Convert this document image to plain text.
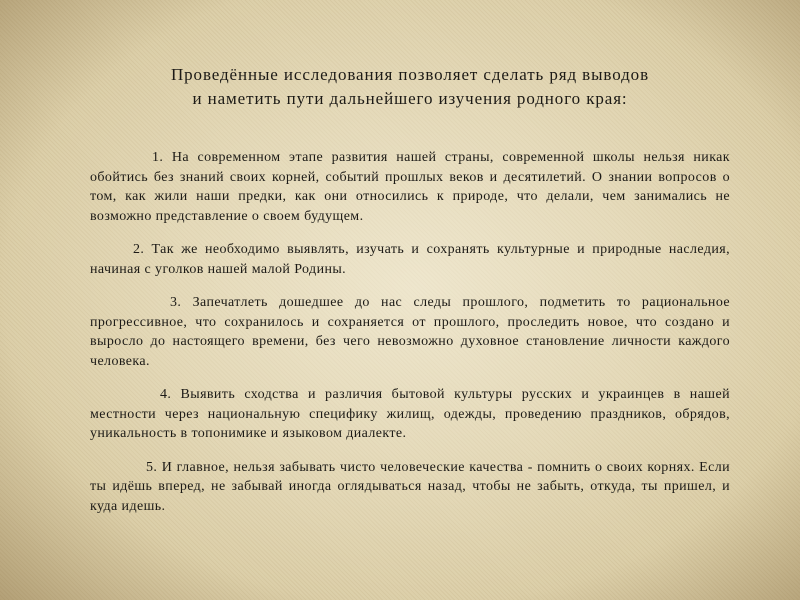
Проведённые исследования позволяет сделать ряд выводов
и наметить пути дальнейшего изучения родного края:

1. На современном этапе развития нашей страны, современной школы нельзя никак обойтись без знаний своих корней, событий прошлых веков и десятилетий. О знании вопросов о том, как жили наши предки, как они относились к природе, что делали, чем занимались не возможно представление о своем будущем.

2. Так же необходимо выявлять, изучать и сохранять культурные и природные наследия, начиная с уголков нашей малой Родины.

3. Запечатлеть дошедшее до нас следы прошлого, подметить то рациональное прогрессивное, что сохранилось и сохраняется от прошлого, проследить новое, что создано и выросло до настоящего времени, без чего невозможно духовное становление личности каждого человека.

4. Выявить сходства и различия бытовой культуры русских и украинцев в нашей местности через национальную специфику жилищ, одежды, проведению праздников, обрядов, уникальность в топонимике и языковом диалекте.

5. И главное, нельзя забывать чисто человеческие качества - помнить о своих корнях. Если ты идёшь вперед, не забывай иногда оглядываться назад, чтобы не забыть, откуда, ты пришел, и куда идешь.
